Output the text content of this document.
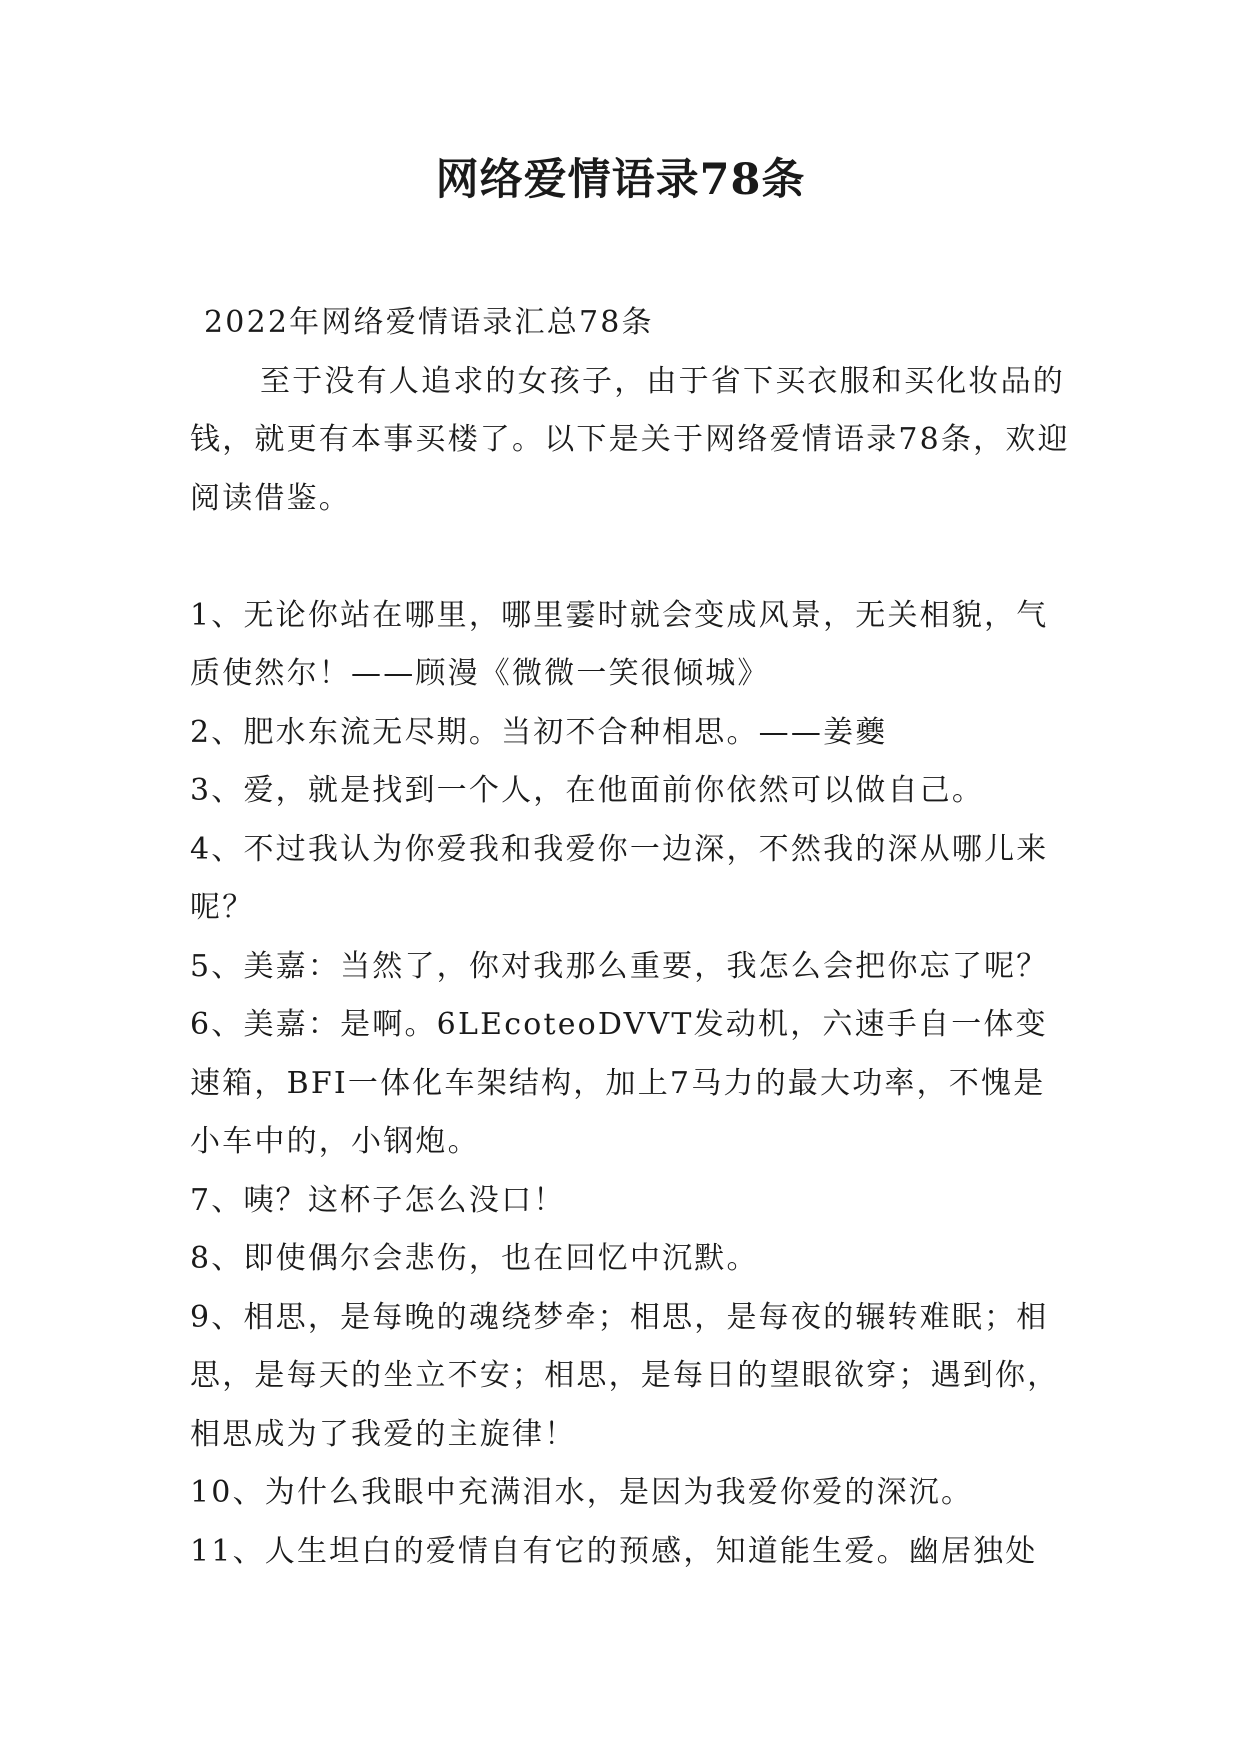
网络爱情语录78条

2022年网络爱情语录汇总78条

至于没有人追求的女孩子，由于省下买衣服和买化妆品的钱，就更有本事买楼了。以下是关于网络爱情语录78条，欢迎阅读借鉴。

1、无论你站在哪里，哪里霎时就会变成风景，无关相貌，气质使然尔！——顾漫《微微一笑很倾城》

2、肥水东流无尽期。当初不合种相思。——姜夔

3、爱，就是找到一个人，在他面前你依然可以做自己。

4、不过我认为你爱我和我爱你一边深，不然我的深从哪儿来呢？

5、美嘉：当然了，你对我那么重要，我怎么会把你忘了呢？

6、美嘉：是啊。6LEcoteoDVVT发动机，六速手自一体变速箱，BFI一体化车架结构，加上7马力的最大功率，不愧是小车中的，小钢炮。

7、咦？这杯子怎么没口！

8、即使偶尔会悲伤，也在回忆中沉默。

9、相思，是每晚的魂绕梦牵；相思，是每夜的辗转难眠；相思，是每天的坐立不安；相思，是每日的望眼欲穿；遇到你，相思成为了我爱的主旋律！

10、为什么我眼中充满泪水，是因为我爱你爱的深沉。

11、人生坦白的爱情自有它的预感，知道能生爱。幽居独处
